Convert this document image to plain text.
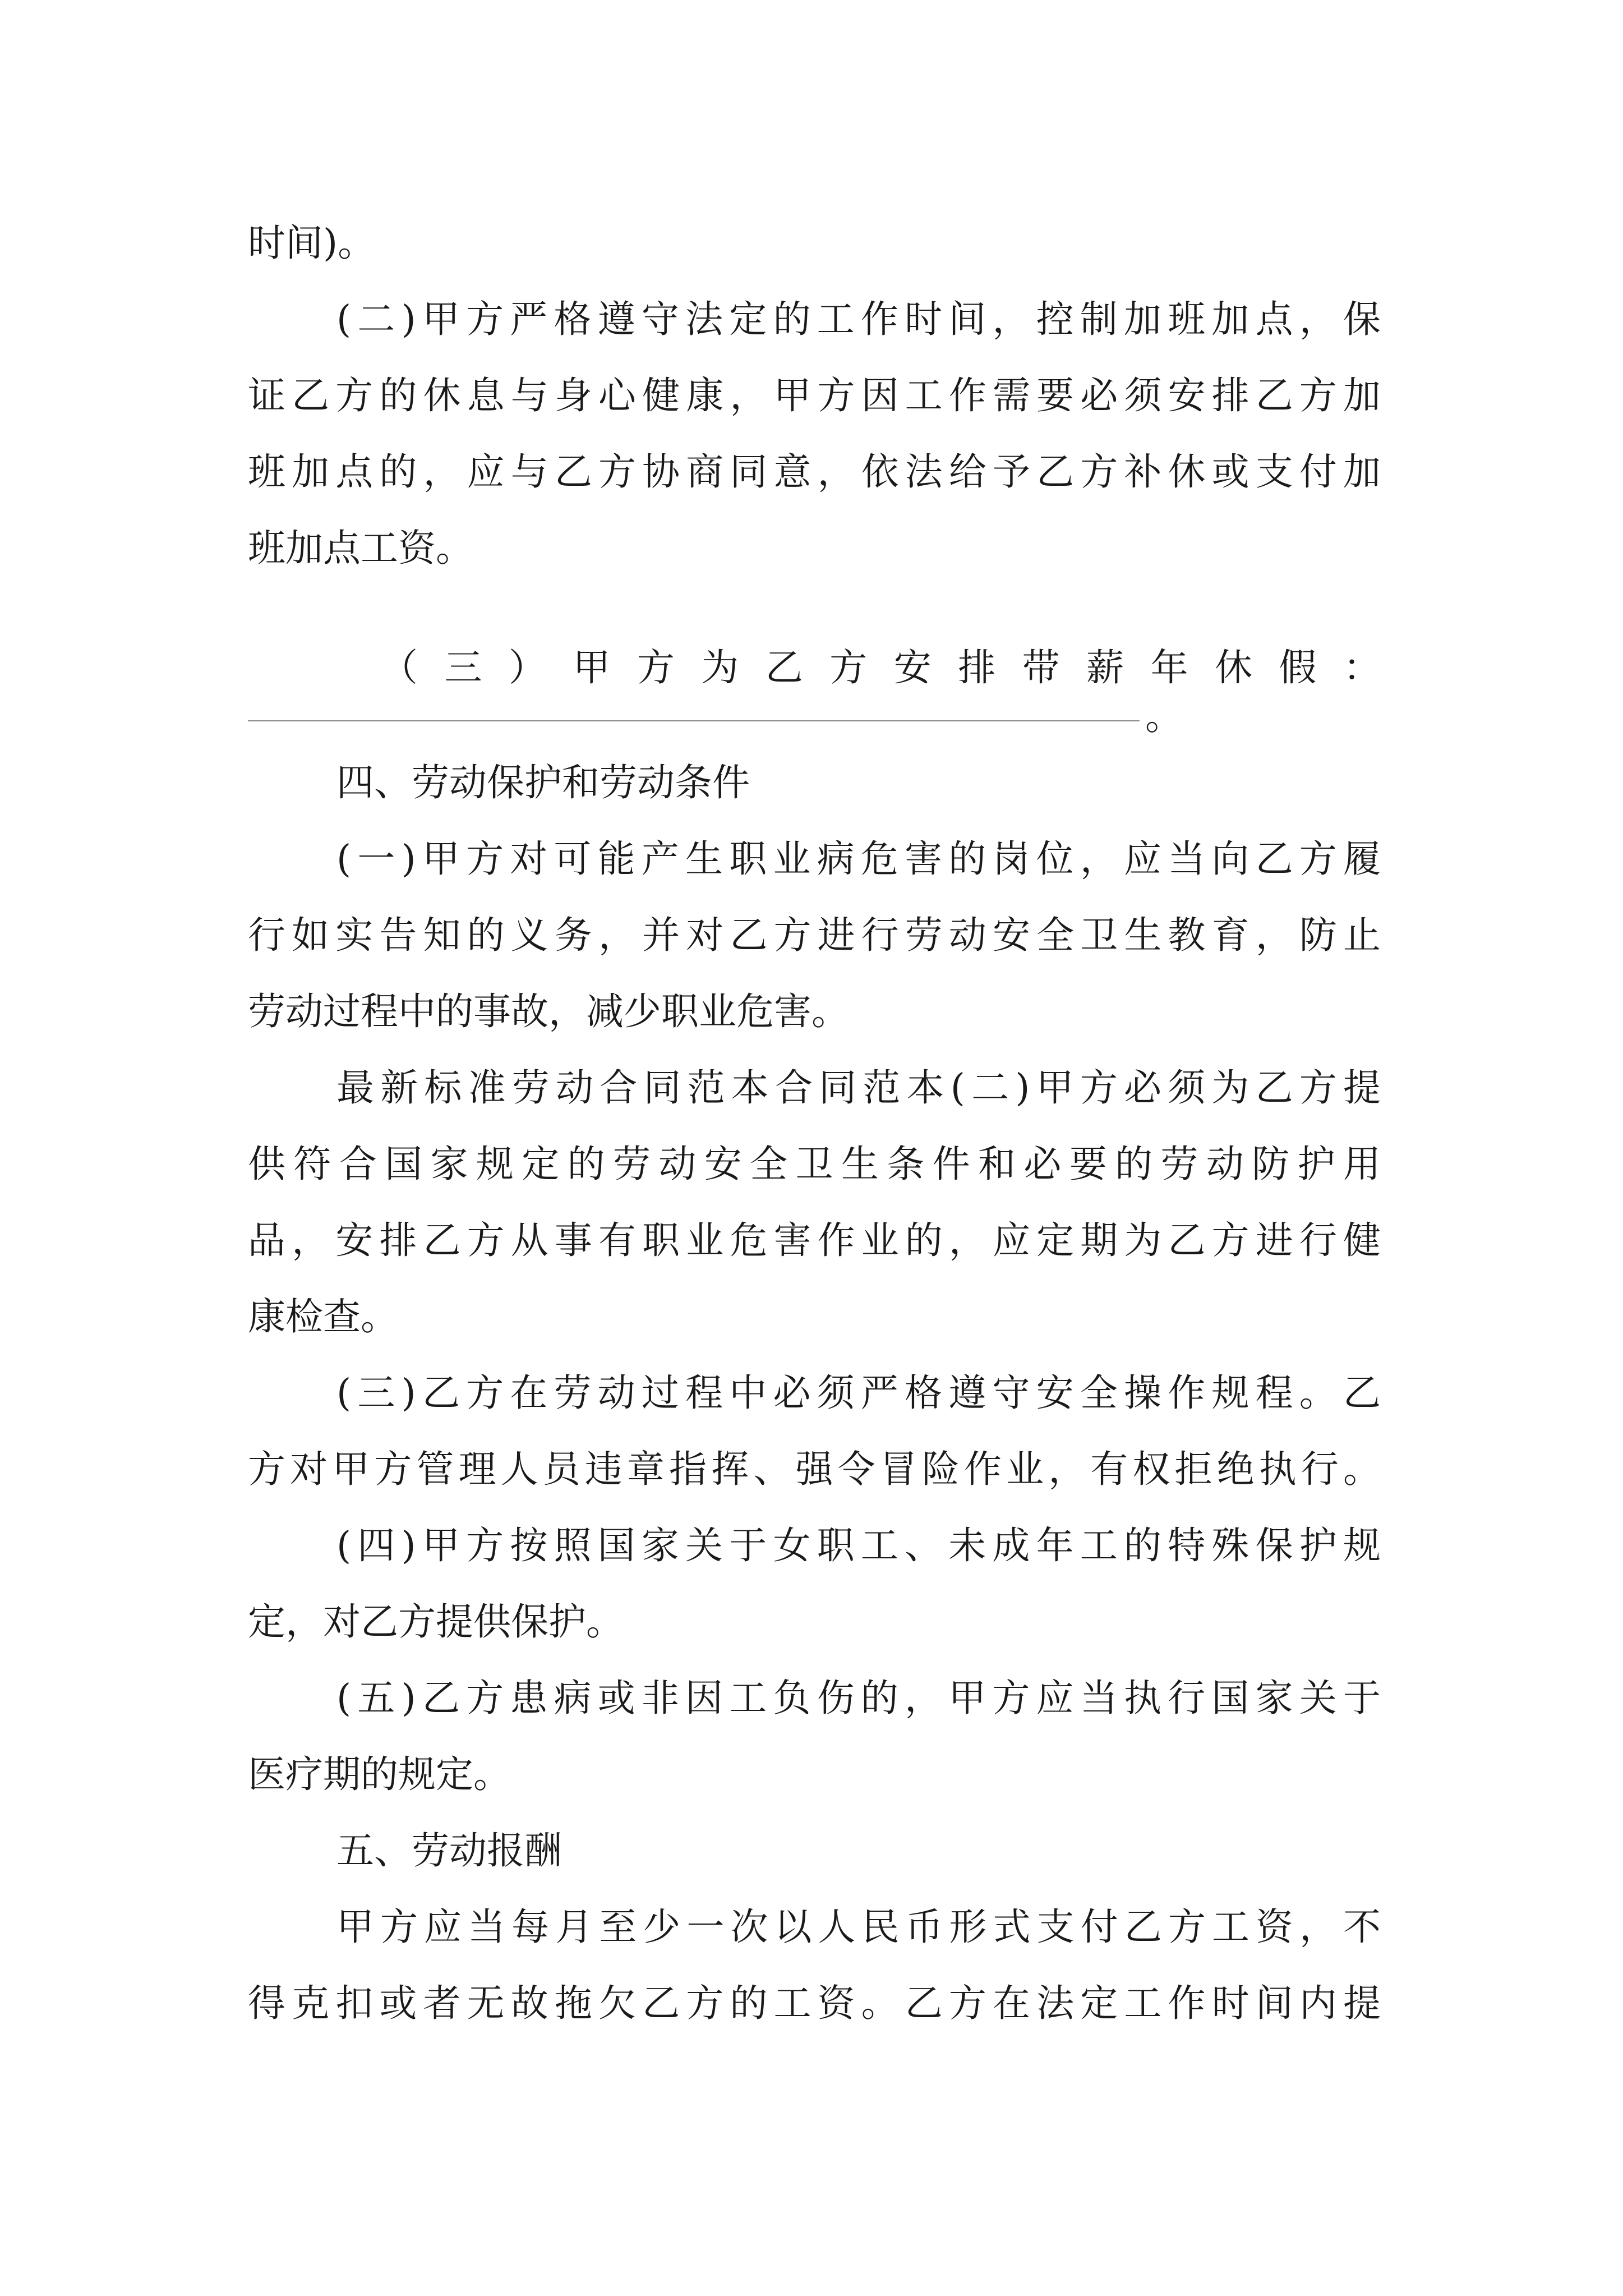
时间)。

(二)甲方严格遵守法定的工作时间，控制加班加点，保

证乙方的休息与身心健康，甲方因工作需要必须安排乙方加

班加点的，应与乙方协商同意，依法给予乙方补休或支付加

班加点工资。

（三）甲方为乙方安排带薪年休假：

。

四、劳动保护和劳动条件

(一)甲方对可能产生职业病危害的岗位，应当向乙方履

行如实告知的义务，并对乙方进行劳动安全卫生教育，防止

劳动过程中的事故，减少职业危害。

最新标准劳动合同范本合同范本(二)甲方必须为乙方提

供符合国家规定的劳动安全卫生条件和必要的劳动防护用

品，安排乙方从事有职业危害作业的，应定期为乙方进行健

康检查。

(三)乙方在劳动过程中必须严格遵守安全操作规程。乙

方对甲方管理人员违章指挥、强令冒险作业，有权拒绝执行。

(四)甲方按照国家关于女职工、未成年工的特殊保护规

定，对乙方提供保护。

(五)乙方患病或非因工负伤的，甲方应当执行国家关于

医疗期的规定。

五、劳动报酬

甲方应当每月至少一次以人民币形式支付乙方工资，不

得克扣或者无故拖欠乙方的工资。乙方在法定工作时间内提
